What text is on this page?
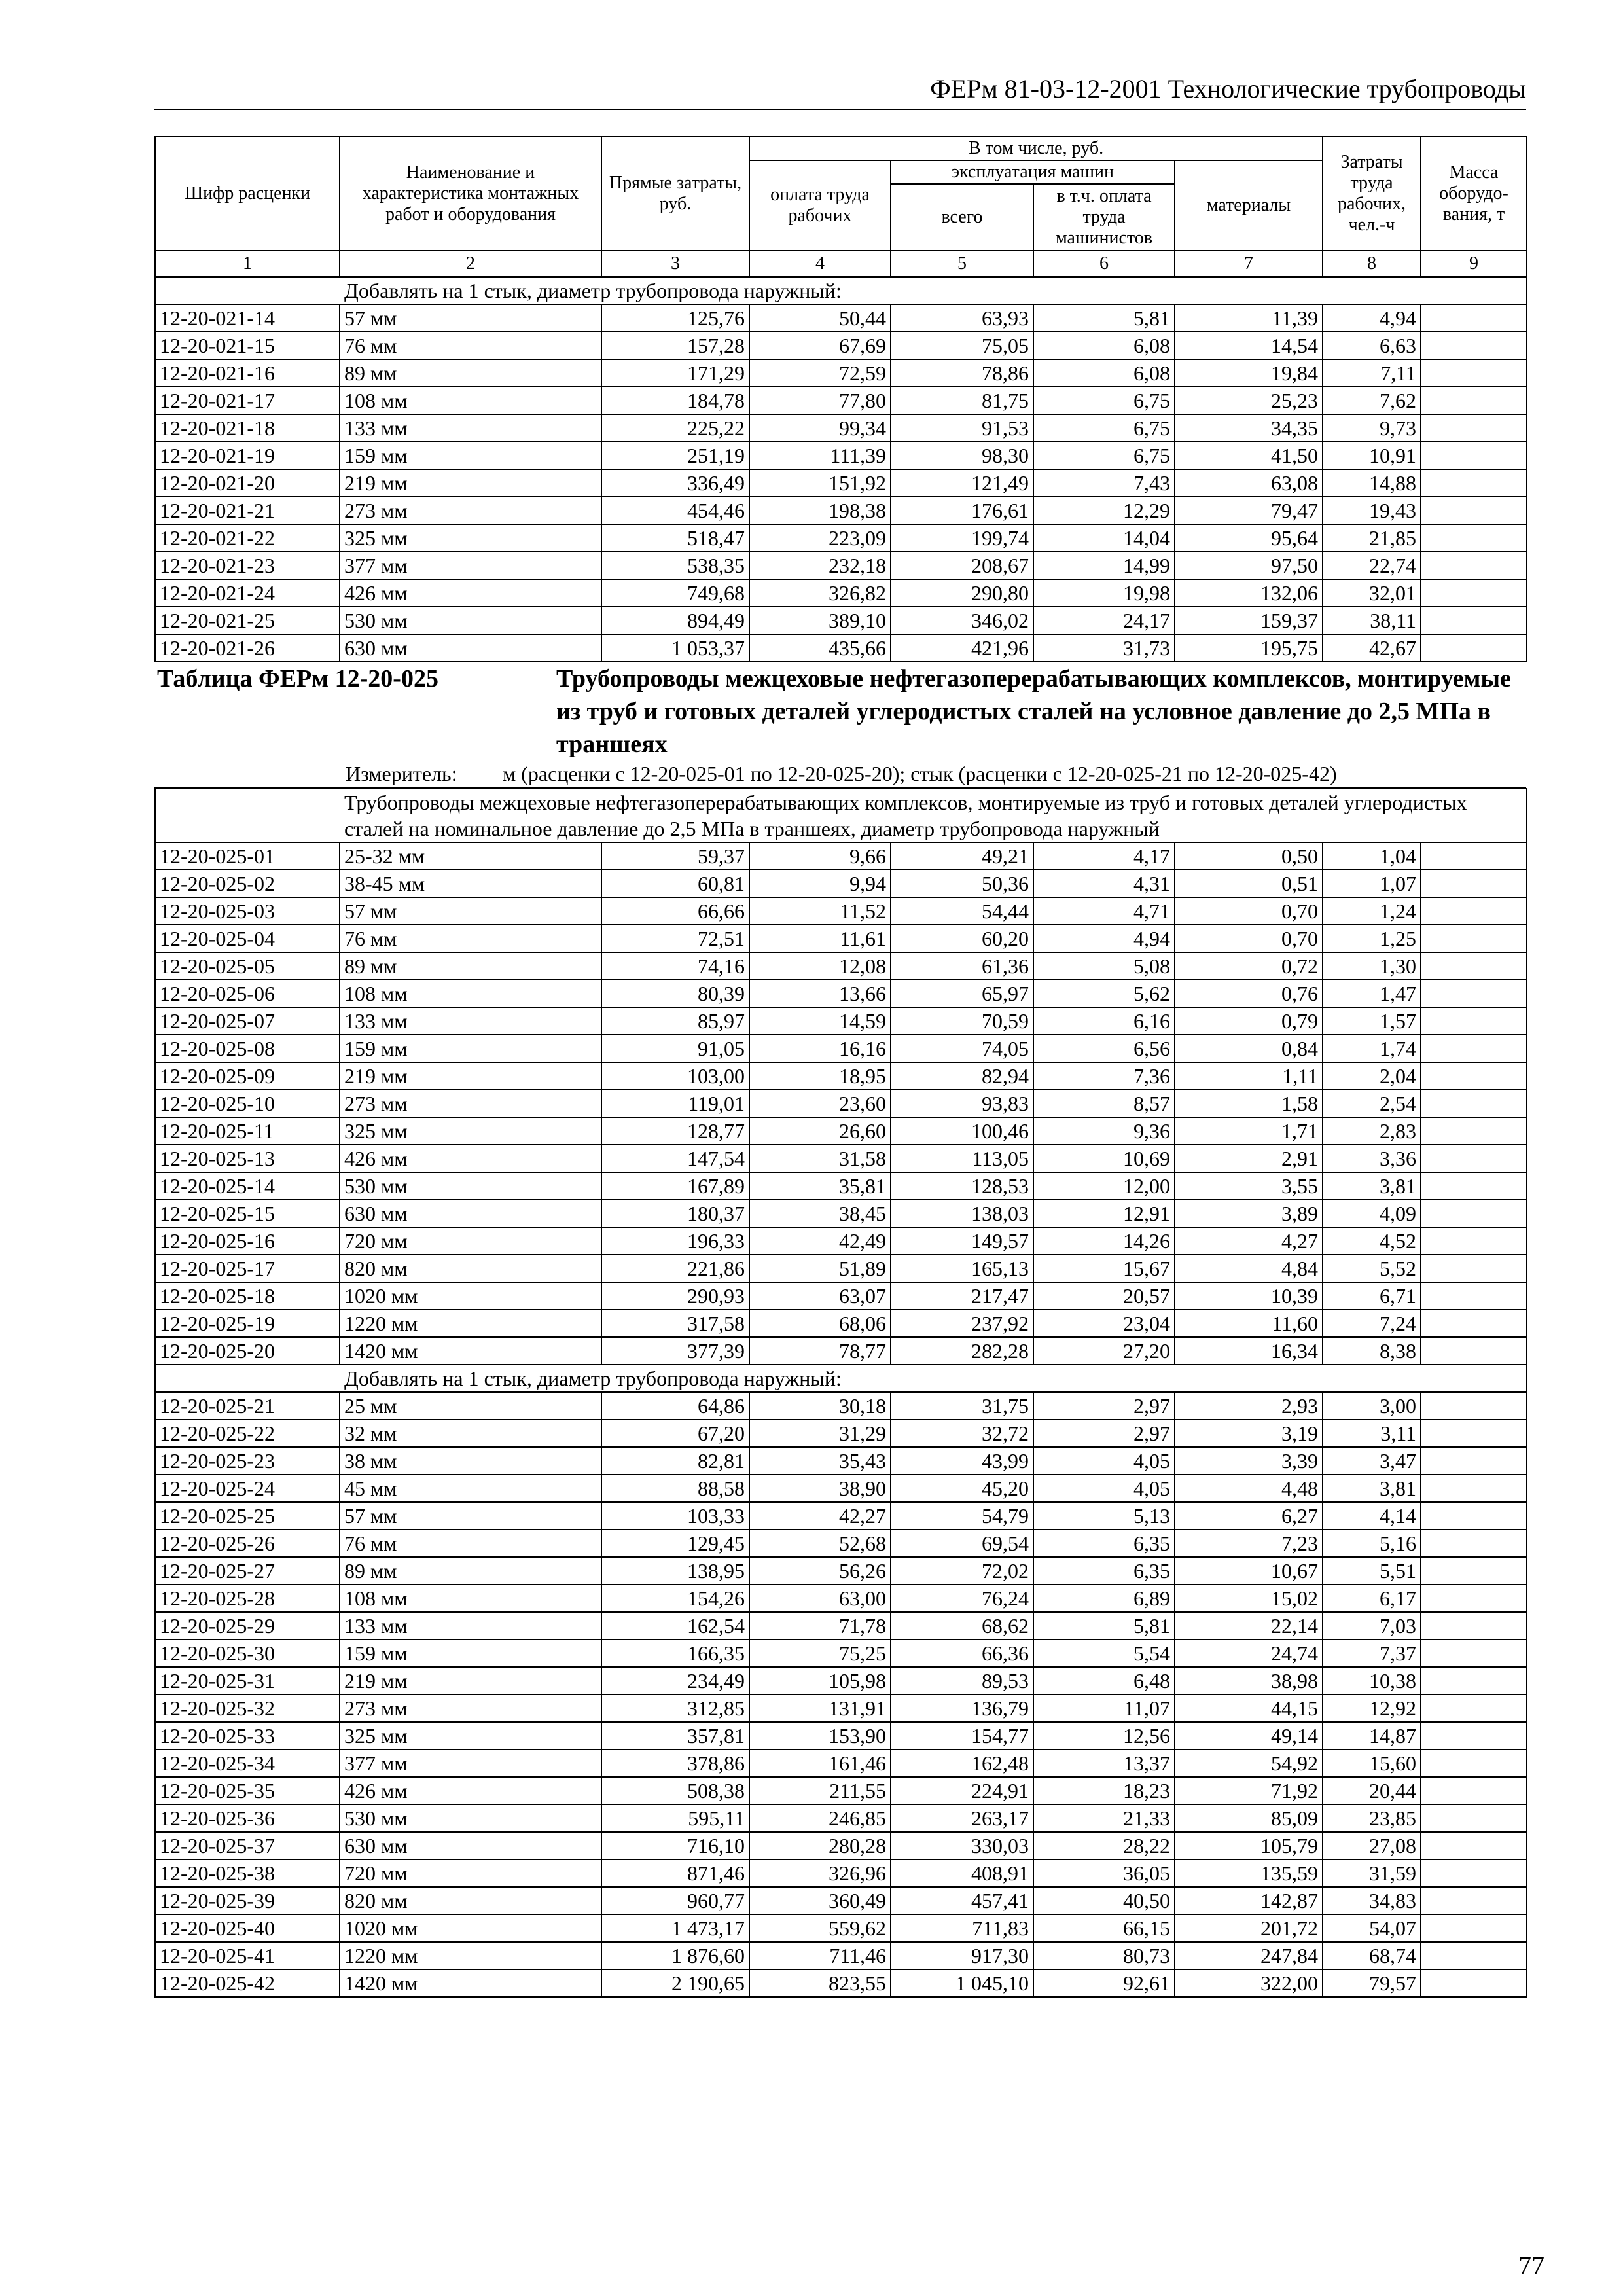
ФЕРм 81-03-12-2001 Технологические трубопроводы
Шифр расценки	Наименование и характеристика монтажных работ и оборудования	Прямые затраты, руб.	В том числе, руб.				Затраты труда рабочих, чел.-ч	Масса оборудо-вания, т
			оплата труда рабочих	эксплуатация машин		материалы		
				всего	в т.ч. оплата труда машинистов			
1	2	3	4	5	6	7	8	9
Добавлять на 1 стык, диаметр трубопровода наружный:								
12-20-021-14	57 мм	125,76	50,44	63,93	5,81	11,39	4,94	
12-20-021-15	76 мм	157,28	67,69	75,05	6,08	14,54	6,63	
12-20-021-16	89 мм	171,29	72,59	78,86	6,08	19,84	7,11	
12-20-021-17	108 мм	184,78	77,80	81,75	6,75	25,23	7,62	
12-20-021-18	133 мм	225,22	99,34	91,53	6,75	34,35	9,73	
12-20-021-19	159 мм	251,19	111,39	98,30	6,75	41,50	10,91	
12-20-021-20	219 мм	336,49	151,92	121,49	7,43	63,08	14,88	
12-20-021-21	273 мм	454,46	198,38	176,61	12,29	79,47	19,43	
12-20-021-22	325 мм	518,47	223,09	199,74	14,04	95,64	21,85	
12-20-021-23	377 мм	538,35	232,18	208,67	14,99	97,50	22,74	
12-20-021-24	426 мм	749,68	326,82	290,80	19,98	132,06	32,01	
12-20-021-25	530 мм	894,49	389,10	346,02	24,17	159,37	38,11	
12-20-021-26	630 мм	1 053,37	435,66	421,96	31,73	195,75	42,67	
Таблица ФЕРм 12-20-025	Трубопроводы межцеховые нефтегазоперерабатывающих комплексов, монтируемые из труб и готовых деталей углеродистых сталей на условное давление до 2,5 МПа в траншеях
Измеритель:	м (расценки с 12-20-025-01 по 12-20-025-20); стык (расценки с 12-20-025-21 по 12-20-025-42)
Трубопроводы межцеховые нефтегазоперерабатывающих комплексов, монтируемые из труб и готовых деталей углеродистых сталей на номинальное давление до 2,5 МПа в траншеях, диаметр трубопровода наружный								
12-20-025-01	25-32 мм	59,37	9,66	49,21	4,17	0,50	1,04	
12-20-025-02	38-45 мм	60,81	9,94	50,36	4,31	0,51	1,07	
12-20-025-03	57 мм	66,66	11,52	54,44	4,71	0,70	1,24	
12-20-025-04	76 мм	72,51	11,61	60,20	4,94	0,70	1,25	
12-20-025-05	89 мм	74,16	12,08	61,36	5,08	0,72	1,30	
12-20-025-06	108 мм	80,39	13,66	65,97	5,62	0,76	1,47	
12-20-025-07	133 мм	85,97	14,59	70,59	6,16	0,79	1,57	
12-20-025-08	159 мм	91,05	16,16	74,05	6,56	0,84	1,74	
12-20-025-09	219 мм	103,00	18,95	82,94	7,36	1,11	2,04	
12-20-025-10	273 мм	119,01	23,60	93,83	8,57	1,58	2,54	
12-20-025-11	325 мм	128,77	26,60	100,46	9,36	1,71	2,83	
12-20-025-13	426 мм	147,54	31,58	113,05	10,69	2,91	3,36	
12-20-025-14	530 мм	167,89	35,81	128,53	12,00	3,55	3,81	
12-20-025-15	630 мм	180,37	38,45	138,03	12,91	3,89	4,09	
12-20-025-16	720 мм	196,33	42,49	149,57	14,26	4,27	4,52	
12-20-025-17	820 мм	221,86	51,89	165,13	15,67	4,84	5,52	
12-20-025-18	1020 мм	290,93	63,07	217,47	20,57	10,39	6,71	
12-20-025-19	1220 мм	317,58	68,06	237,92	23,04	11,60	7,24	
12-20-025-20	1420 мм	377,39	78,77	282,28	27,20	16,34	8,38	
Добавлять на 1 стык, диаметр трубопровода наружный:								
12-20-025-21	25 мм	64,86	30,18	31,75	2,97	2,93	3,00	
12-20-025-22	32 мм	67,20	31,29	32,72	2,97	3,19	3,11	
12-20-025-23	38 мм	82,81	35,43	43,99	4,05	3,39	3,47	
12-20-025-24	45 мм	88,58	38,90	45,20	4,05	4,48	3,81	
12-20-025-25	57 мм	103,33	42,27	54,79	5,13	6,27	4,14	
12-20-025-26	76 мм	129,45	52,68	69,54	6,35	7,23	5,16	
12-20-025-27	89 мм	138,95	56,26	72,02	6,35	10,67	5,51	
12-20-025-28	108 мм	154,26	63,00	76,24	6,89	15,02	6,17	
12-20-025-29	133 мм	162,54	71,78	68,62	5,81	22,14	7,03	
12-20-025-30	159 мм	166,35	75,25	66,36	5,54	24,74	7,37	
12-20-025-31	219 мм	234,49	105,98	89,53	6,48	38,98	10,38	
12-20-025-32	273 мм	312,85	131,91	136,79	11,07	44,15	12,92	
12-20-025-33	325 мм	357,81	153,90	154,77	12,56	49,14	14,87	
12-20-025-34	377 мм	378,86	161,46	162,48	13,37	54,92	15,60	
12-20-025-35	426 мм	508,38	211,55	224,91	18,23	71,92	20,44	
12-20-025-36	530 мм	595,11	246,85	263,17	21,33	85,09	23,85	
12-20-025-37	630 мм	716,10	280,28	330,03	28,22	105,79	27,08	
12-20-025-38	720 мм	871,46	326,96	408,91	36,05	135,59	31,59	
12-20-025-39	820 мм	960,77	360,49	457,41	40,50	142,87	34,83	
12-20-025-40	1020 мм	1 473,17	559,62	711,83	66,15	201,72	54,07	
12-20-025-41	1220 мм	1 876,60	711,46	917,30	80,73	247,84	68,74	
12-20-025-42	1420 мм	2 190,65	823,55	1 045,10	92,61	322,00	79,57	
77
